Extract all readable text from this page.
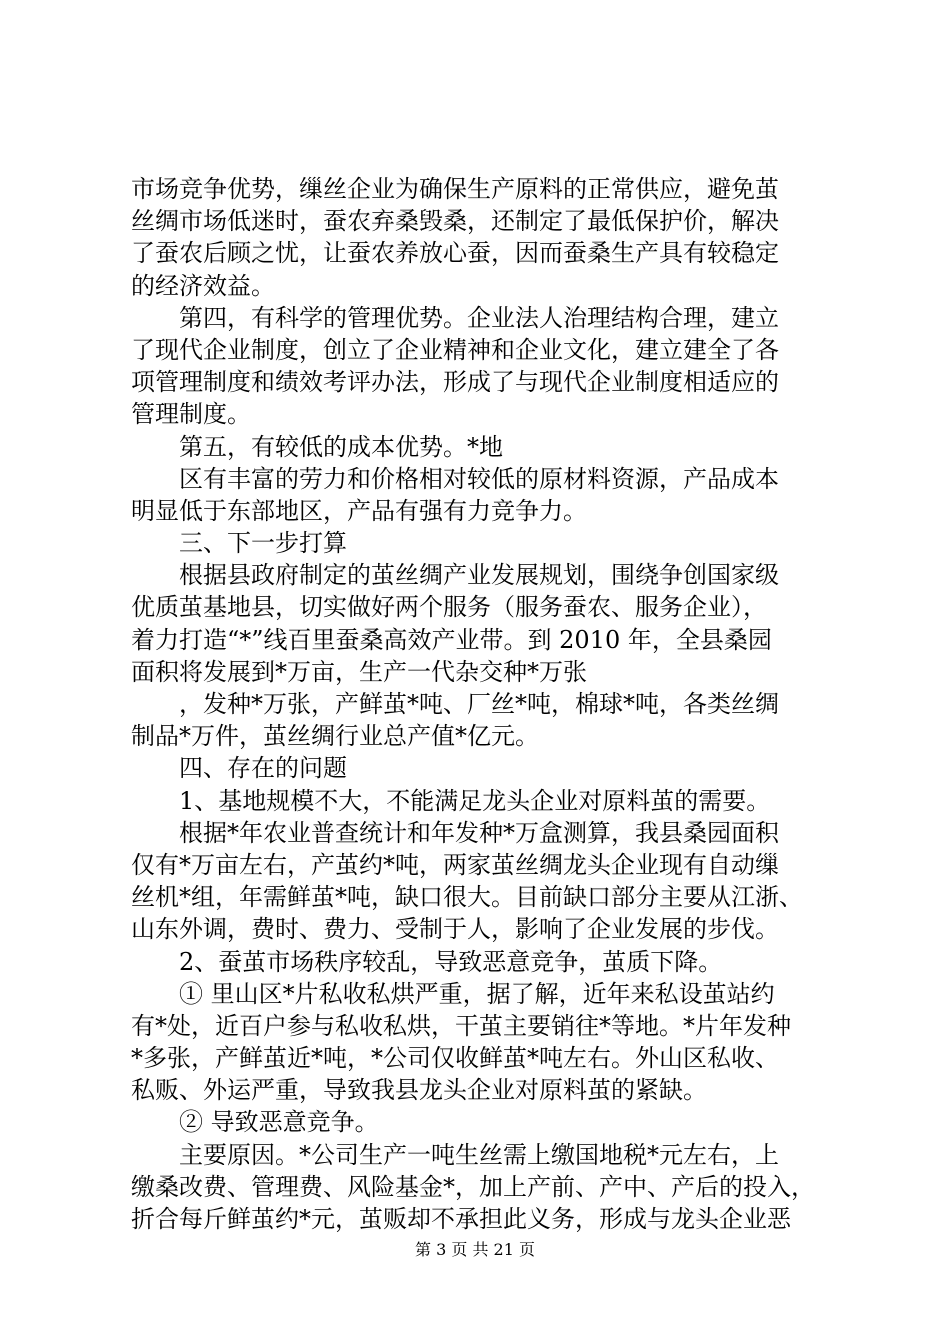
市场竞争优势，缫丝企业为确保生产原料的正常供应，避免茧
丝绸市场低迷时，蚕农弃桑毁桑，还制定了最低保护价，解决
了蚕农后顾之忧，让蚕农养放心蚕，因而蚕桑生产具有较稳定
的经济效益。
　　第四，有科学的管理优势。企业法人治理结构合理，建立
了现代企业制度，创立了企业精神和企业文化，建立建全了各
项管理制度和绩效考评办法，形成了与现代企业制度相适应的
管理制度。
　　第五，有较低的成本优势。*地
　　区有丰富的劳力和价格相对较低的原材料资源，产品成本
明显低于东部地区，产品有强有力竞争力。
　　三、下一步打算
　　根据县政府制定的茧丝绸产业发展规划，围绕争创国家级
优质茧基地县，切实做好两个服务（服务蚕农、服务企业），
着力打造“*”线百里蚕桑高效产业带。到 2010 年，全县桑园
面积将发展到*万亩，生产一代杂交种*万张
　　，发种*万张，产鲜茧*吨、厂丝*吨，棉球*吨，各类丝绸
制品*万件，茧丝绸行业总产值*亿元。
　　四、存在的问题
　　1、基地规模不大，不能满足龙头企业对原料茧的需要。
　　根据*年农业普查统计和年发种*万盒测算，我县桑园面积
仅有*万亩左右，产茧约*吨，两家茧丝绸龙头企业现有自动缫
丝机*组，年需鲜茧*吨，缺口很大。目前缺口部分主要从江浙、
山东外调，费时、费力、受制于人，影响了企业发展的步伐。
　　2、蚕茧市场秩序较乱，导致恶意竞争，茧质下降。
　　① 里山区*片私收私烘严重，据了解，近年来私设茧站约
有*处，近百户参与私收私烘，干茧主要销往*等地。*片年发种
*多张，产鲜茧近*吨，*公司仅收鲜茧*吨左右。外山区私收、
私贩、外运严重，导致我县龙头企业对原料茧的紧缺。
　　② 导致恶意竞争。
　　主要原因。*公司生产一吨生丝需上缴国地税*元左右，上
缴桑改费、管理费、风险基金*，加上产前、产中、产后的投入，
折合每斤鲜茧约*元，茧贩却不承担此义务，形成与龙头企业恶
第 3 页 共 21 页
